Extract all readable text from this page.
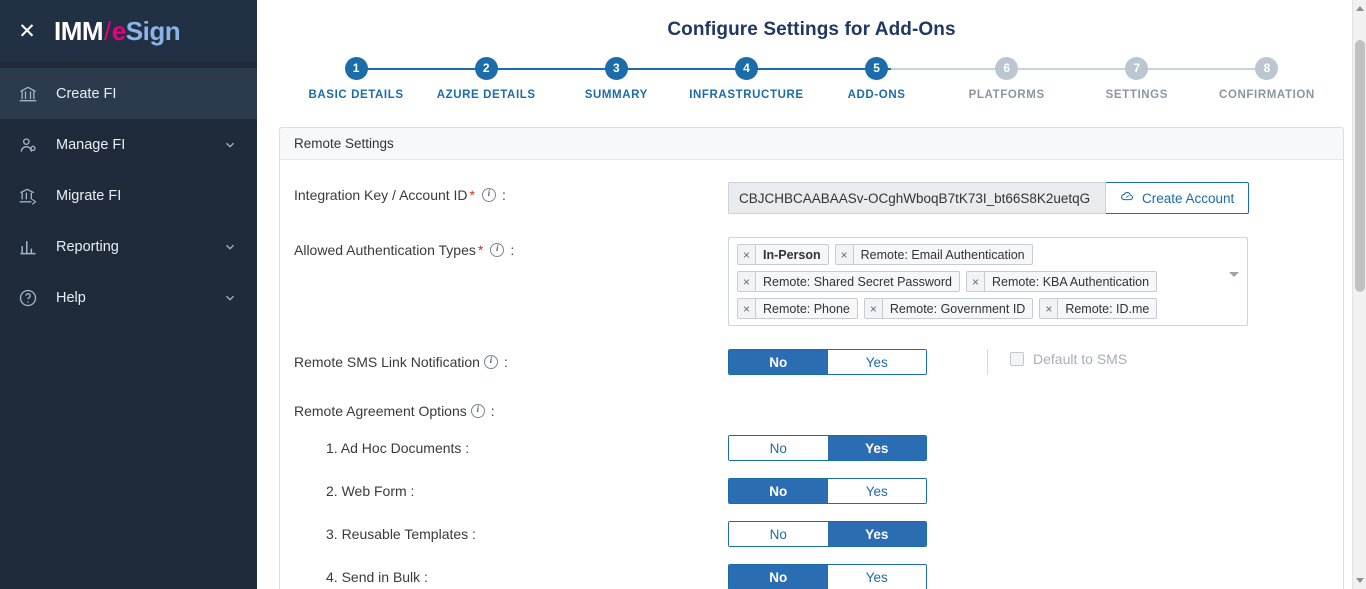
✕ IMM / e Sign
Create FI
Manage FI
Migrate FI
Reporting
Help
Configure Settings for Add-Ons
1
BASIC DETAILS
2
AZURE DETAILS
3
SUMMARY
4
INFRASTRUCTURE
5
ADD-ONS
6
PLATFORMS
7
SETTINGS
8
CONFIRMATION
Remote Settings
Integration Key / Account ID *	i :
CBJCHBCAABAASv-OCghWboqB7tK73I_bt66S8K2uetqG	Create Account
Allowed Authentication Types *	i :	×	In-Person	×	Remote: Email Authentication
×	Remote: Shared Secret Password	×	Remote: KBA Authentication
×	Remote: Phone	×	Remote: Government ID	×	Remote: ID.me
Remote SMS Link Notification	i :	No	Yes	Default to SMS
Remote Agreement Options	i :
1. Ad Hoc Documents :	No	Yes
2. Web Form :	No	Yes
3. Reusable Templates :	No	Yes
4. Send in Bulk :	No	Yes
